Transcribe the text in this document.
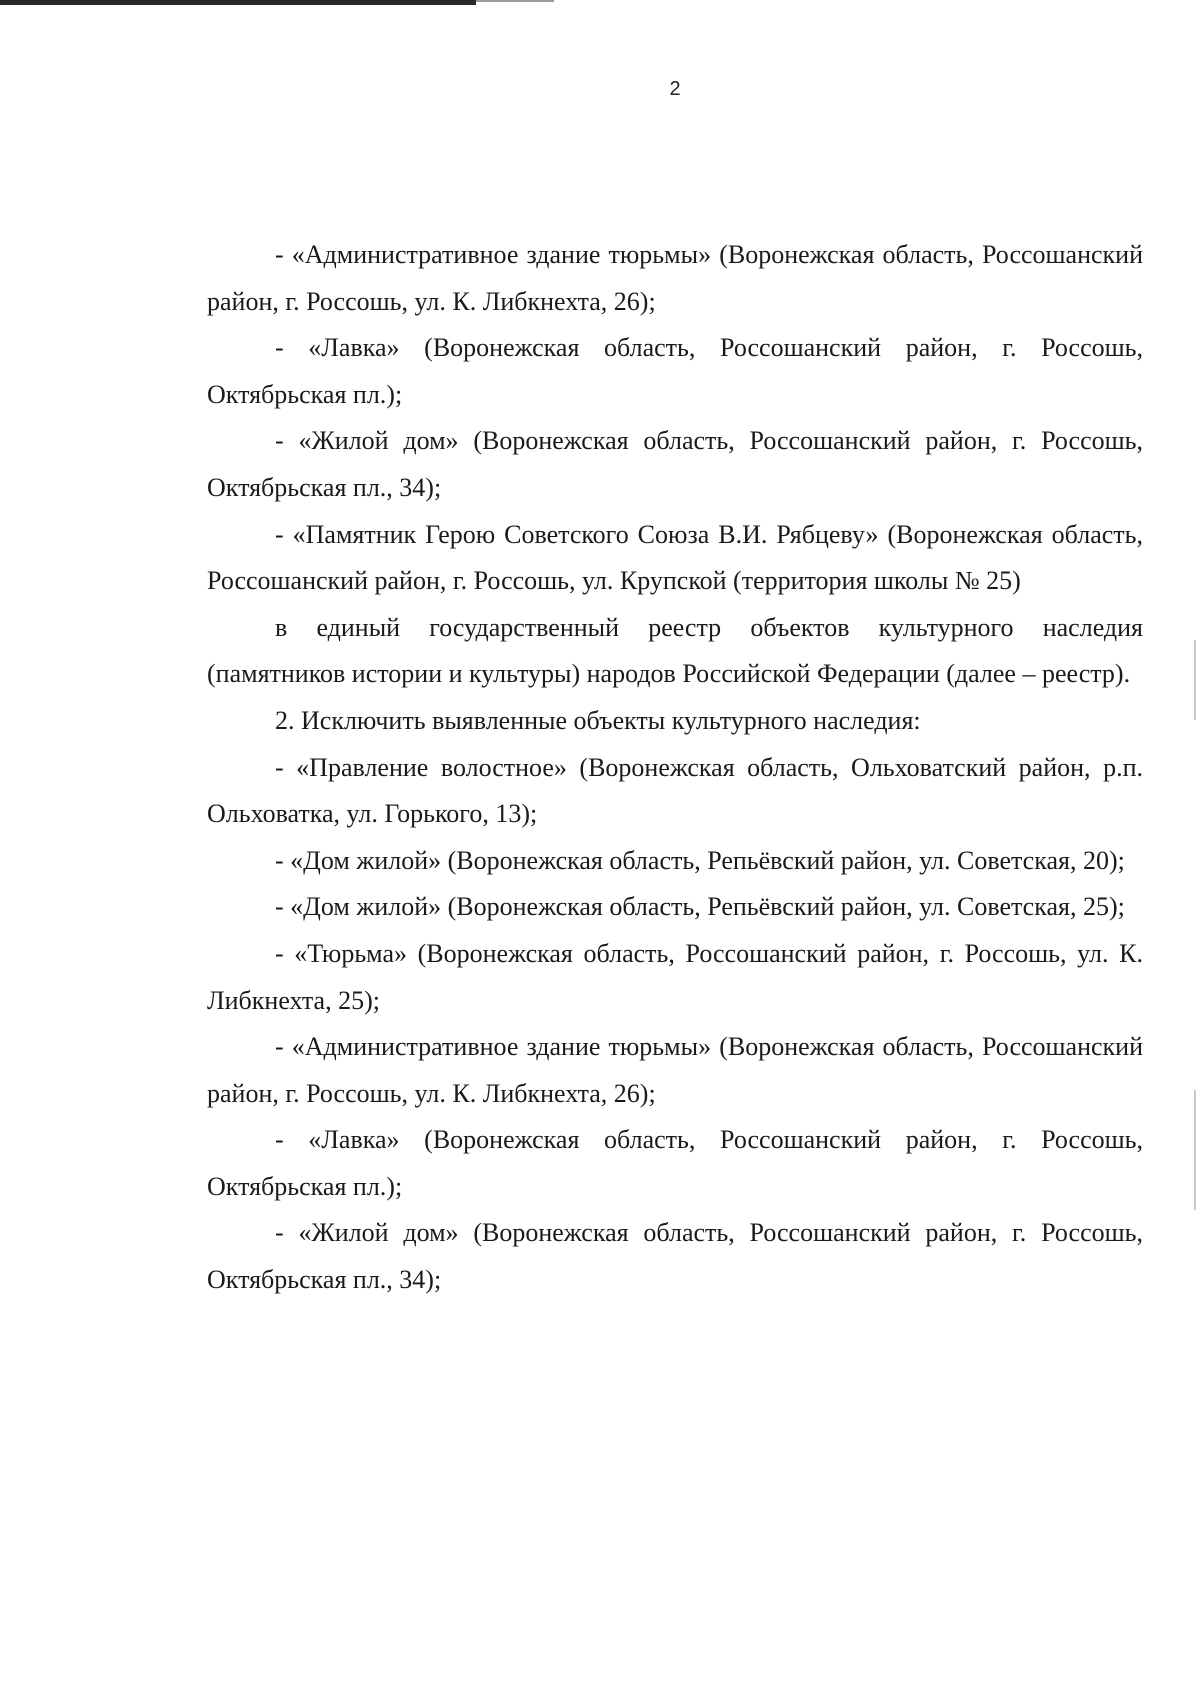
2

- «Административное здание тюрьмы» (Воронежская область, Россошанский район, г. Россошь, ул. К. Либкнехта, 26);

- «Лавка» (Воронежская область, Россошанский район, г. Россошь, Октябрьская пл.);

- «Жилой дом» (Воронежская область, Россошанский район, г. Россошь, Октябрьская пл., 34);

- «Памятник Герою Советского Союза В.И. Рябцеву» (Воронежская область, Россошанский район, г. Россошь, ул. Крупской (территория школы № 25)

в единый государственный реестр объектов культурного наследия (памятников истории и культуры) народов Российской Федерации (далее – реестр).

2. Исключить выявленные объекты культурного наследия:

- «Правление волостное» (Воронежская область, Ольховатский район, р.п. Ольховатка, ул. Горького, 13);

- «Дом жилой» (Воронежская область, Репьёвский район, ул. Советская, 20);

- «Дом жилой» (Воронежская область, Репьёвский район, ул. Советская, 25);

- «Тюрьма» (Воронежская область, Россошанский район, г. Россошь, ул. К. Либкнехта, 25);

- «Административное здание тюрьмы» (Воронежская область, Россошанский район, г. Россошь, ул. К. Либкнехта, 26);

- «Лавка» (Воронежская область, Россошанский район, г. Россошь, Октябрьская пл.);

- «Жилой дом» (Воронежская область, Россошанский район, г. Россошь, Октябрьская пл., 34);
